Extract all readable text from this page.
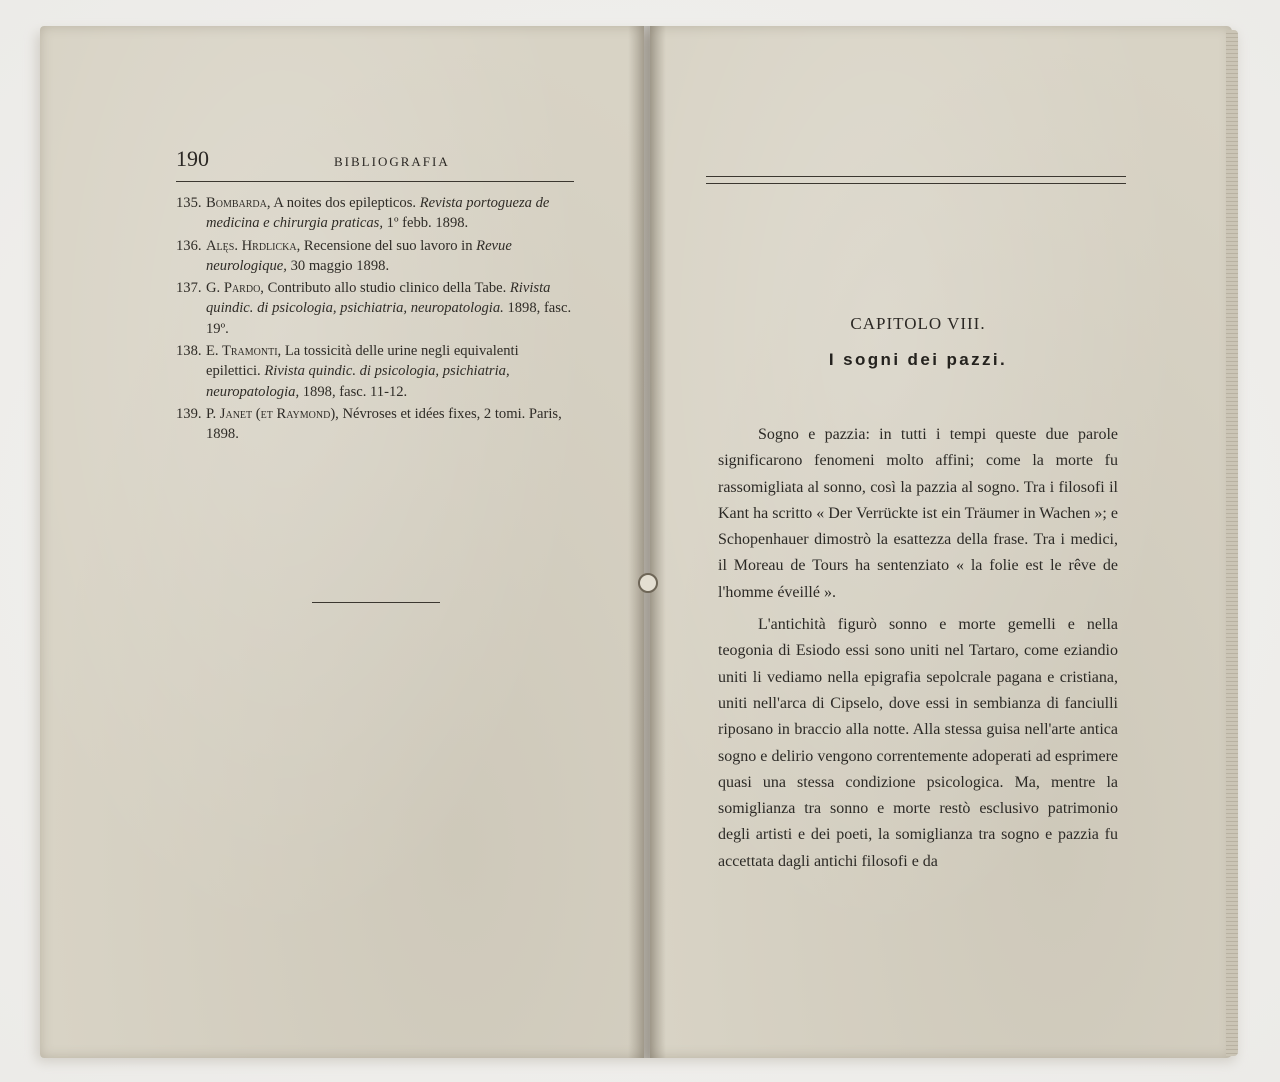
190	BIBLIOGRAFIA
135. Bombarda, A noites dos epilepticos. Revista portogueza de medicina e chirurgia praticas, 1º febb. 1898.
136. Alęs. Hrdlicka, Recensione del suo lavoro in Revue neurologique, 30 maggio 1898.
137. G. Pardo, Contributo allo studio clinico della Tabe. Rivista quindic. di psicologia, psichiatria, neuropatologia. 1898, fasc. 19º.
138. E. Tramonti, La tossicità delle urine negli equivalenti epilettici. Rivista quindic. di psicologia, psichiatria, neuropatologia, 1898, fasc. 11-12.
139. P. Janet (et Raymond), Névroses et idées fixes, 2 tomi. Paris, 1898.
CAPITOLO VIII.
I sogni dei pazzi.

Sogno e pazzia: in tutti i tempi queste due parole significarono fenomeni molto affini; come la morte fu rassomigliata al sonno, così la pazzia al sogno. Tra i filosofi il Kant ha scritto « Der Verrückte ist ein Träumer in Wachen »; e Schopenhauer dimostrò la esattezza della frase. Tra i medici, il Moreau de Tours ha sentenziato « la folie est le rêve de l'homme éveillé ».

L'antichità figurò sonno e morte gemelli e nella teogonia di Esiodo essi sono uniti nel Tartaro, come eziandio uniti li vediamo nella epigrafia sepolcrale pagana e cristiana, uniti nell'arca di Cipselo, dove essi in sembianza di fanciulli riposano in braccio alla notte. Alla stessa guisa nell'arte antica sogno e delirio vengono correntemente adoperati ad esprimere quasi una stessa condizione psicologica. Ma, mentre la somiglianza tra sonno e morte restò esclusivo patrimonio degli artisti e dei poeti, la somiglianza tra sogno e pazzia fu accettata dagli antichi filosofi e da
